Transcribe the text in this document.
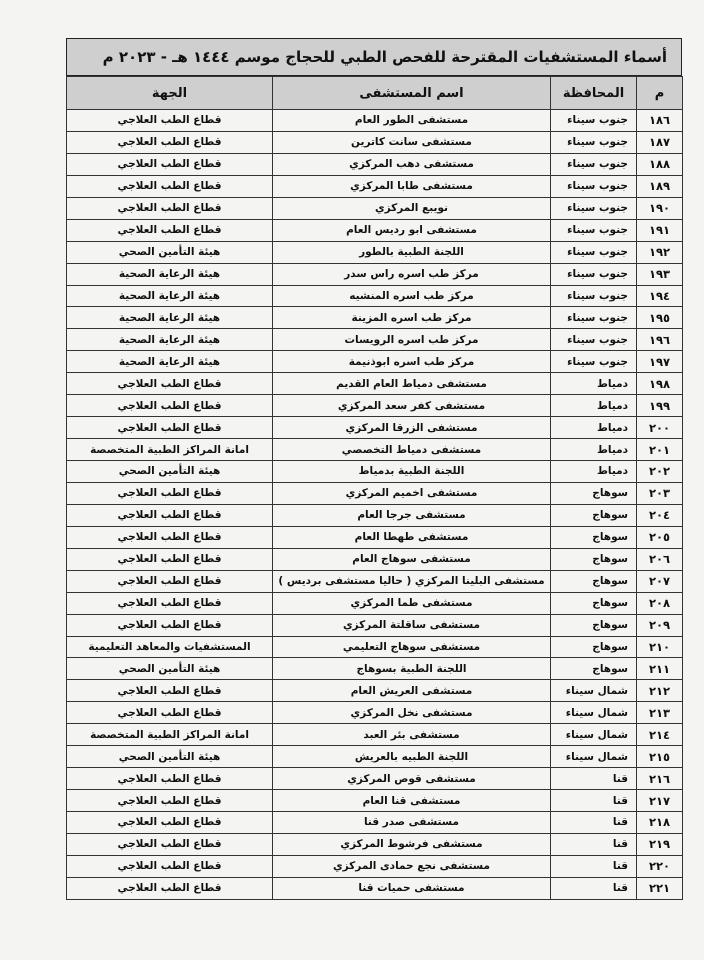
أسماء المستشفيات المقترحة للفحص الطبي للحجاج موسم ١٤٤٤ هـ - ٢٠٢٣ م
م	المحافظة	اسم المستشفى	الجهة
١٨٦	جنوب سيناء	مستشفى الطور العام	قطاع الطب العلاجي
١٨٧	جنوب سيناء	مستشفى سانت كاترين	قطاع الطب العلاجي
١٨٨	جنوب سيناء	مستشفى دهب المركزي	قطاع الطب العلاجي
١٨٩	جنوب سيناء	مستشفى طابا المركزي	قطاع الطب العلاجي
١٩٠	جنوب سيناء	نويبع المركزي	قطاع الطب العلاجي
١٩١	جنوب سيناء	مستشفى ابو رديس العام	قطاع الطب العلاجي
١٩٢	جنوب سيناء	اللجنة الطبية بالطور	هيئة التأمين الصحي
١٩٣	جنوب سيناء	مركز طب اسره راس سدر	هيئة الرعاية الصحية
١٩٤	جنوب سيناء	مركز طب اسره المنشيه	هيئة الرعاية الصحية
١٩٥	جنوب سيناء	مركز طب اسره المزينة	هيئة الرعاية الصحية
١٩٦	جنوب سيناء	مركز طب اسره الرويسات	هيئة الرعاية الصحية
١٩٧	جنوب سيناء	مركز طب اسره ابوذنيمة	هيئة الرعاية الصحية
١٩٨	دمياط	مستشفى دمياط العام القديم	قطاع الطب العلاجي
١٩٩	دمياط	مستشفى كفر سعد المركزي	قطاع الطب العلاجي
٢٠٠	دمياط	مستشفى الزرقا المركزي	قطاع الطب العلاجي
٢٠١	دمياط	مستشفى دمياط التخصصي	امانة المراكز الطبية المتخصصة
٢٠٢	دمياط	اللجنة الطبية بدمياط	هيئة التأمين الصحي
٢٠٣	سوهاج	مستشفى اخميم المركزي	قطاع الطب العلاجي
٢٠٤	سوهاج	مستشفى جرجا العام	قطاع الطب العلاجي
٢٠٥	سوهاج	مستشفى طهطا العام	قطاع الطب العلاجي
٢٠٦	سوهاج	مستشفى سوهاج العام	قطاع الطب العلاجي
٢٠٧	سوهاج	مستشفى البلينا المركزي ( حاليا مستشفى برديس )	قطاع الطب العلاجي
٢٠٨	سوهاج	مستشفى طما المركزي	قطاع الطب العلاجي
٢٠٩	سوهاج	مستشفى ساقلتة المركزي	قطاع الطب العلاجي
٢١٠	سوهاج	مستشفى سوهاج التعليمي	المستشفيات والمعاهد التعليمية
٢١١	سوهاج	اللجنة الطبية بسوهاج	هيئة التأمين الصحي
٢١٢	شمال سيناء	مستشفى العريش العام	قطاع الطب العلاجي
٢١٣	شمال سيناء	مستشفى نخل المركزي	قطاع الطب العلاجي
٢١٤	شمال سيناء	مستشفى بئر العبد	امانة المراكز الطبية المتخصصة
٢١٥	شمال سيناء	اللجنة الطبيه بالعريش	هيئة التأمين الصحي
٢١٦	قنا	مستشفى قوص المركزي	قطاع الطب العلاجي
٢١٧	قنا	مستشفى قنا العام	قطاع الطب العلاجي
٢١٨	قنا	مستشفى صدر قنا	قطاع الطب العلاجي
٢١٩	قنا	مستشفى فرشوط المركزي	قطاع الطب العلاجي
٢٢٠	قنا	مستشفى نجع حمادى المركزي	قطاع الطب العلاجي
٢٢١	قنا	مستشفى حميات قنا	قطاع الطب العلاجي
